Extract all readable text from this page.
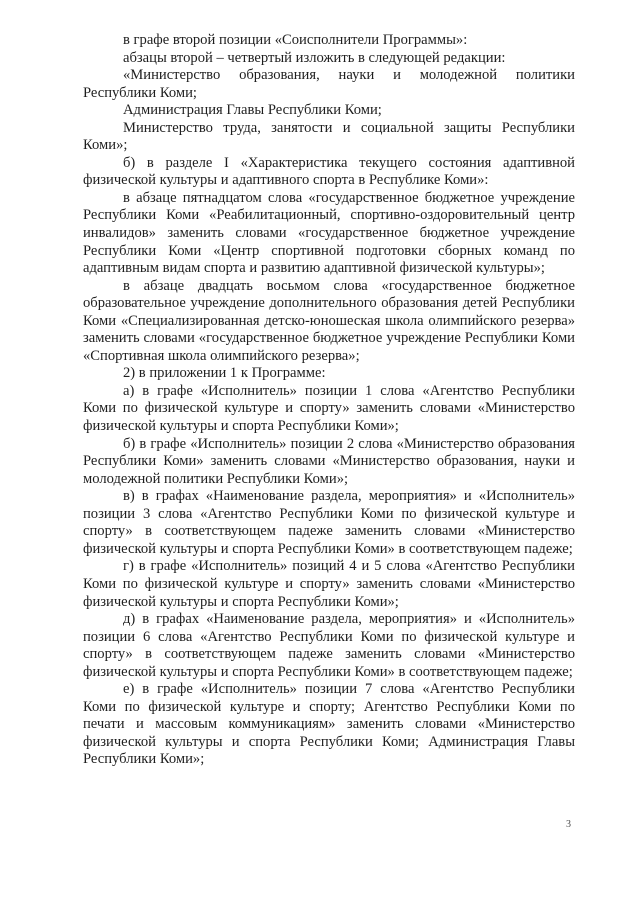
в графе второй позиции «Соисполнители Программы»:

абзацы второй – четвертый изложить в следующей редакции:

«Министерство образования, науки и молодежной политики Республики Коми;

Администрация Главы Республики Коми;

Министерство труда, занятости и социальной защиты Республики Коми»;

б) в разделе I «Характеристика текущего состояния адаптивной физической культуры и адаптивного спорта в Республике Коми»:

в абзаце пятнадцатом слова «государственное бюджетное учреждение Республики Коми «Реабилитационный, спортивно-оздоровительный центр инвалидов» заменить словами «государственное бюджетное учреждение Республики Коми «Центр спортивной подготовки сборных команд по адаптивным видам спорта и развитию адаптивной физической культуры»;

в абзаце двадцать восьмом слова «государственное бюджетное образовательное учреждение дополнительного образования детей Республики Коми «Специализированная детско-юношеская школа олимпийского резерва» заменить словами «государственное бюджетное учреждение Республики Коми «Спортивная школа олимпийского резерва»;

2) в приложении 1 к Программе:

а) в графе «Исполнитель» позиции 1 слова «Агентство Республики Коми по физической культуре и спорту» заменить словами «Министерство физической культуры и спорта Республики Коми»;

б) в графе «Исполнитель» позиции 2 слова «Министерство образования Республики Коми» заменить словами «Министерство образования, науки и молодежной политики Республики Коми»;

в) в графах «Наименование раздела, мероприятия» и «Исполнитель» позиции 3 слова «Агентство Республики Коми по физической культуре и спорту» в соответствующем падеже заменить словами «Министерство физической культуры и спорта Республики Коми» в соответствующем падеже;

г) в графе «Исполнитель» позиций 4 и 5 слова «Агентство Республики Коми по физической культуре и спорту» заменить словами «Министерство физической культуры и спорта Республики Коми»;

д) в графах «Наименование раздела, мероприятия» и «Исполнитель» позиции 6 слова «Агентство Республики Коми по физической культуре и спорту» в соответствующем падеже заменить словами «Министерство физической культуры и спорта Республики Коми» в соответствующем падеже;

е) в графе «Исполнитель» позиции 7 слова «Агентство Республики Коми по физической культуре и спорту; Агентство Республики Коми по печати и массовым коммуникациям» заменить словами «Министерство физической культуры и спорта Республики Коми; Администрация Главы Республики Коми»;

3
